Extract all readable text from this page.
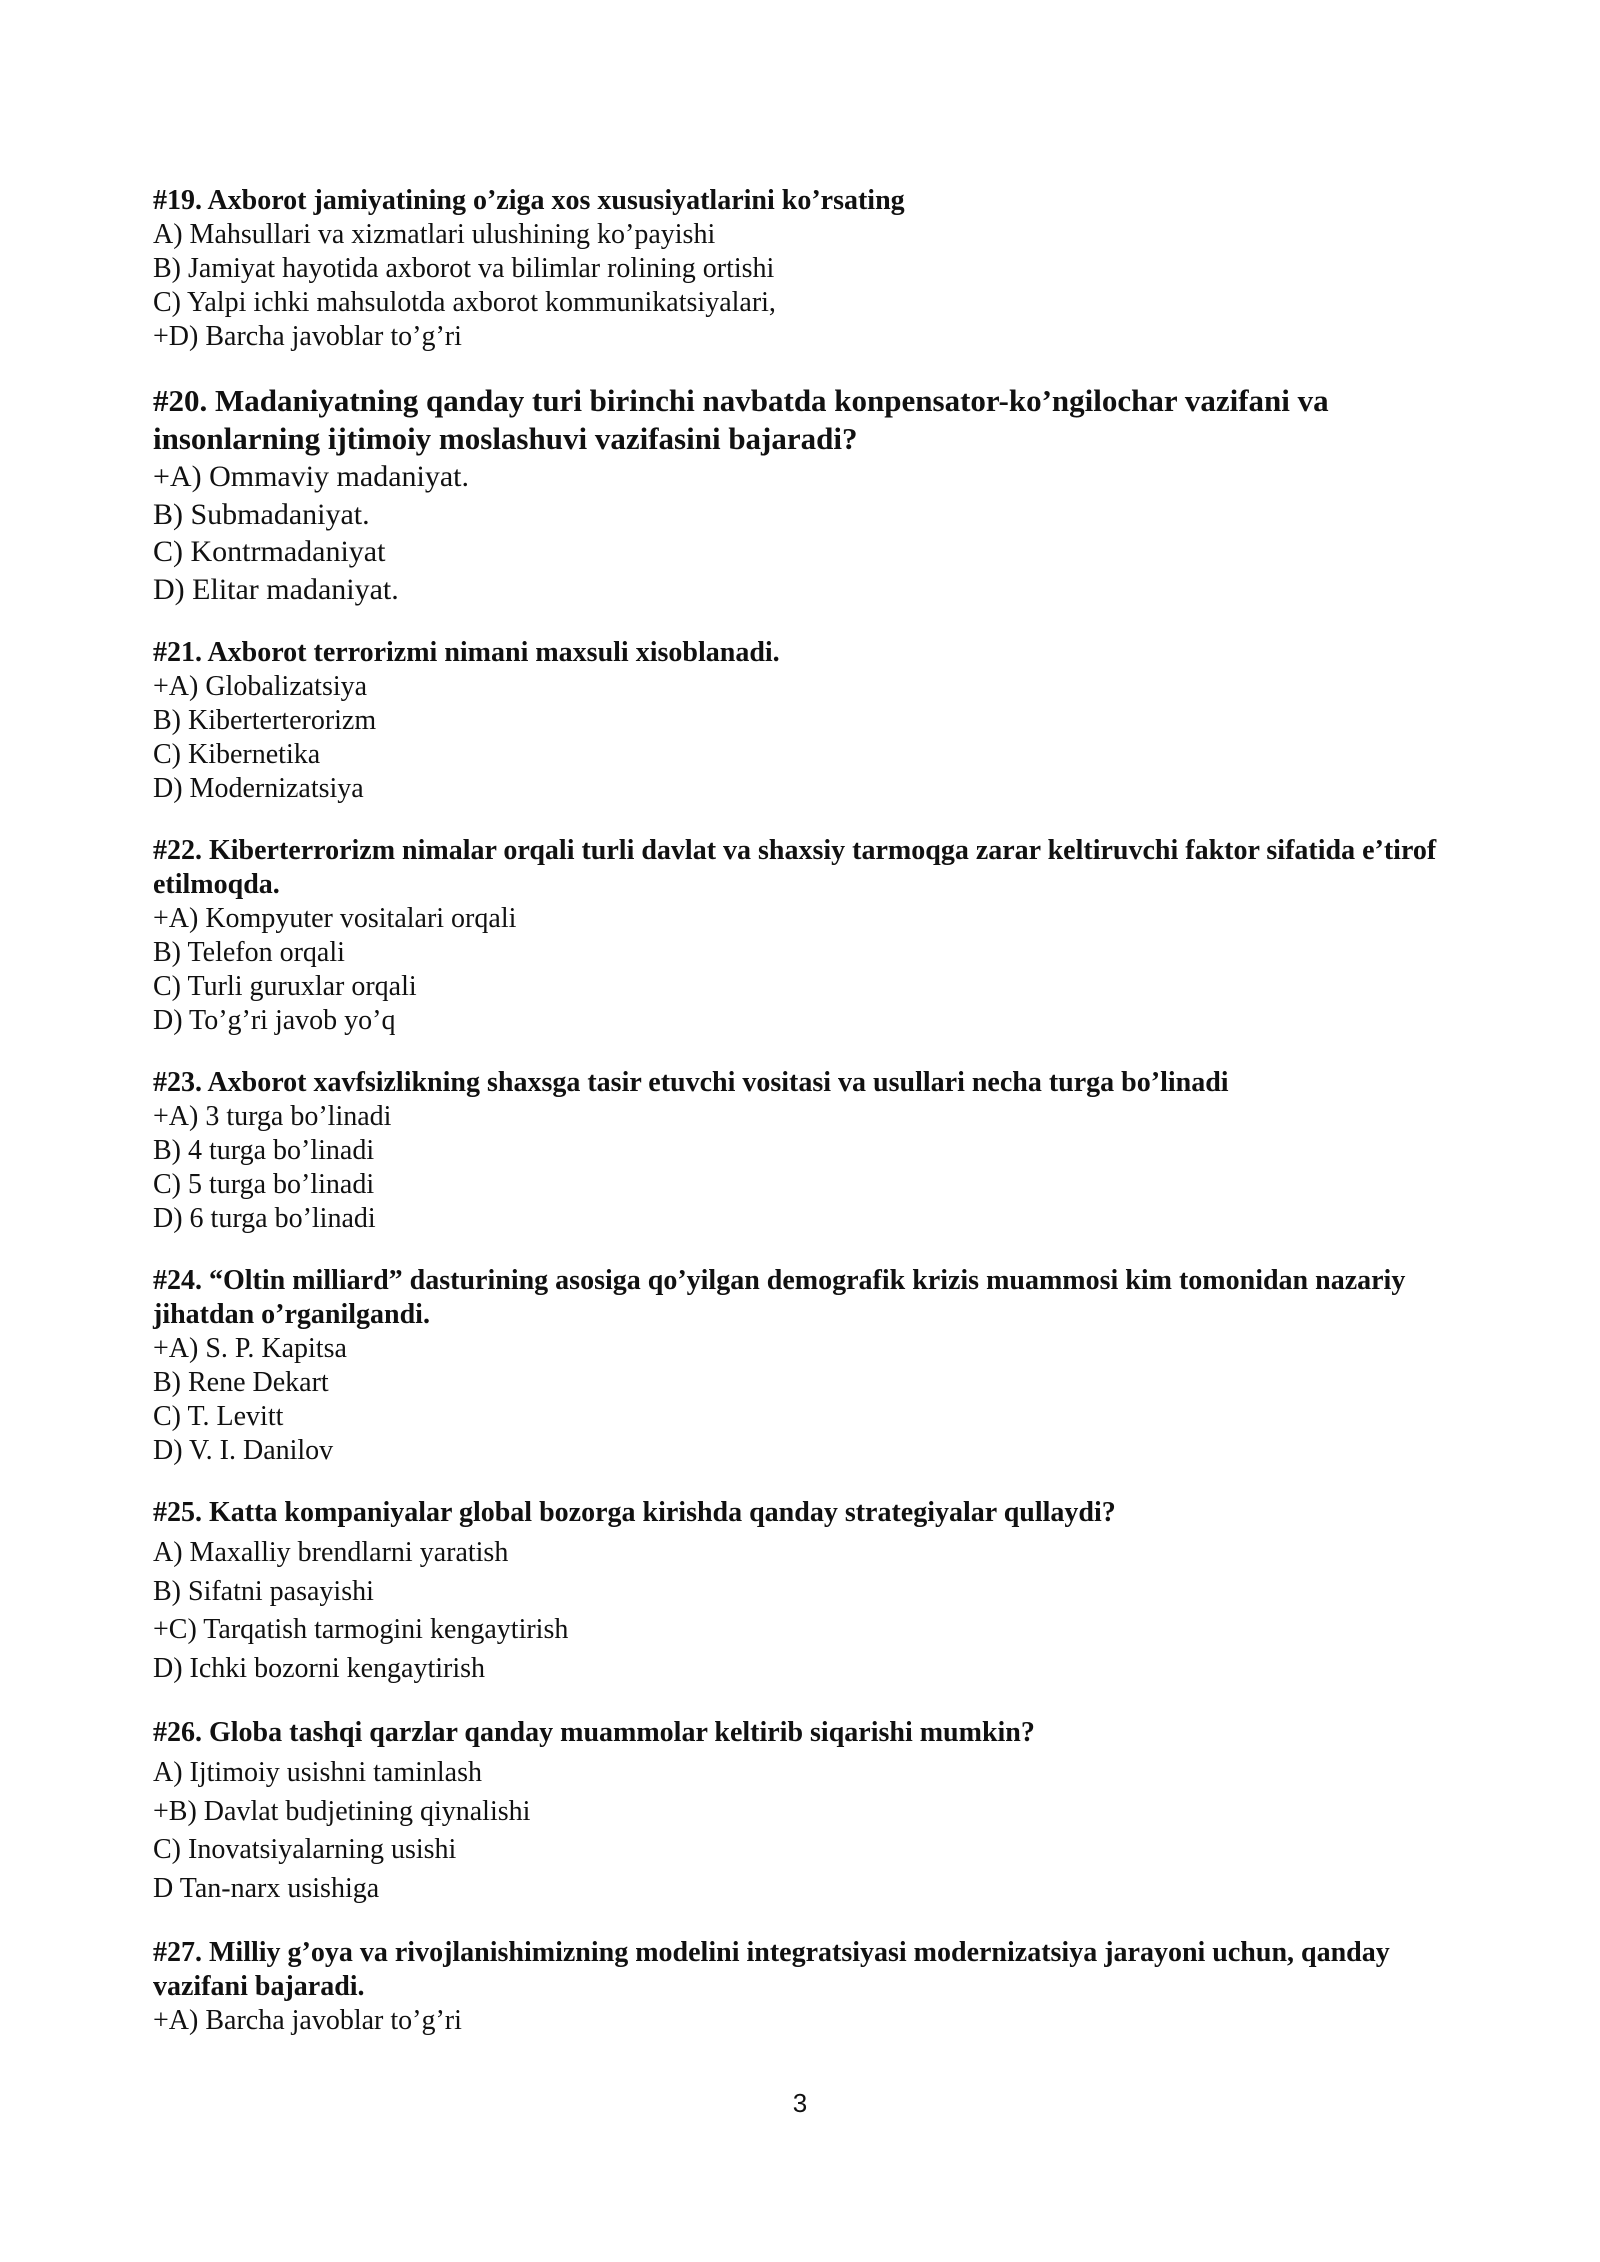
#19. Axborot jamiyatining o’ziga xos xususiyatlarini ko’rsating
A) Mahsullari va xizmatlari ulushining ko’payishi
B) Jamiyat hayotida axborot va bilimlar rolining ortishi
C) Yalpi ichki mahsulotda axborot kommunikatsiyalari,
+D) Barcha javoblar to’g’ri
#20. Madaniyatning qanday turi birinchi navbatda konpensator-ko’ngilochar vazifani va insonlarning ijtimoiy moslashuvi vazifasini bajaradi?
+A) Ommaviy madaniyat.
B) Submadaniyat.
C) Kontrmadaniyat
D) Elitar madaniyat.
#21. Axborot terrorizmi nimani maxsuli xisoblanadi.
+A) Globalizatsiya
B) Kiberterterorizm
C) Kibernetika
D) Modernizatsiya
#22. Kiberterrorizm nimalar orqali turli davlat va shaxsiy tarmoqga zarar keltiruvchi faktor sifatida e’tirof etilmoqda.
+A) Kompyuter vositalari orqali
B) Telefon orqali
C) Turli guruxlar orqali
D) To’g’ri javob yo’q
#23. Axborot xavfsizlikning shaxsga tasir etuvchi vositasi va usullari necha turga bo’linadi
+A) 3 turga bo’linadi
B) 4 turga bo’linadi
C) 5 turga bo’linadi
D) 6 turga bo’linadi
#24. “Oltin milliard” dasturining asosiga qo’yilgan demografik krizis muammosi kim tomonidan nazariy jihatdan o’rganilgandi.
+A) S. P. Kapitsa
B) Rene Dekart
C) T. Levitt
D) V. I. Danilov
#25. Katta kompaniyalar global bozorga kirishda qanday strategiyalar qullaydi?
A) Maxalliy brendlarni yaratish
B) Sifatni pasayishi
+C) Tarqatish tarmogini kengaytirish
D) Ichki bozorni kengaytirish
#26. Globa tashqi qarzlar qanday muammolar keltirib siqarishi mumkin?
A) Ijtimoiy usishni taminlash
+B) Davlat budjetining qiynalishi
C) Inovatsiyalarning usishi
D Tan-narx usishiga
#27. Milliy g’oya va rivojlanishimizning modelini integratsiyasi modernizatsiya jarayoni uchun, qanday vazifani bajaradi.
+A) Barcha javoblar to’g’ri
3
